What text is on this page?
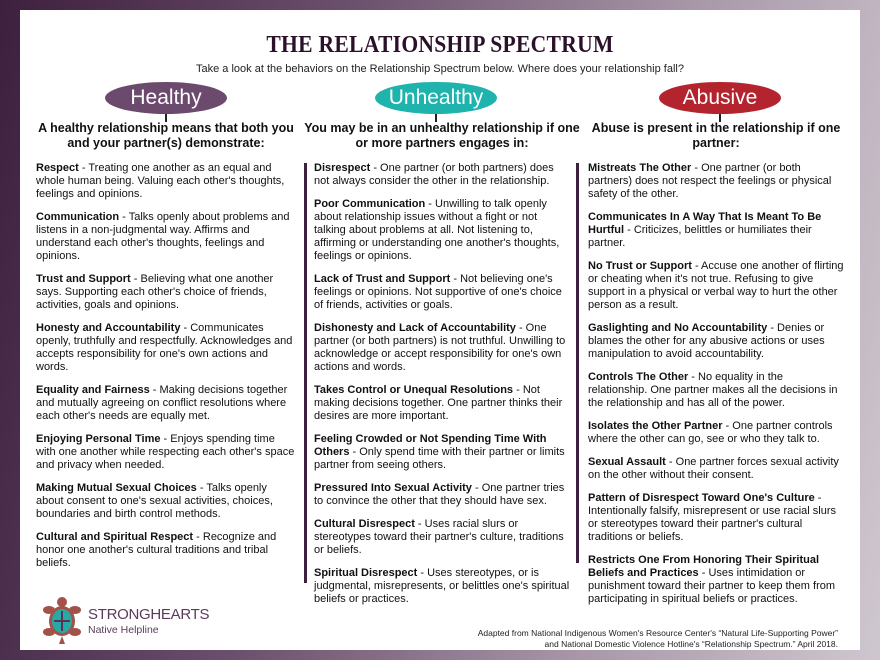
THE RELATIONSHIP SPECTRUM
Take a look at the behaviors on the Relationship Spectrum below. Where does your relationship fall?
Healthy
A healthy relationship means that both you and your partner(s) demonstrate:
Respect - Treating one another as an equal and whole human being. Valuing each other's thoughts, feelings and opinions.
Communication - Talks openly about problems and listens in a non-judgmental way. Affirms and understand each other's thoughts, feelings and opinions.
Trust and Support - Believing what one another says. Supporting each other's choice of friends, activities, goals and opinions.
Honesty and Accountability - Communicates openly, truthfully and respectfully. Acknowledges and accepts responsibility for one's own actions and words.
Equality and Fairness - Making decisions together and mutually agreeing on conflict resolutions where each other's needs are equally met.
Enjoying Personal Time - Enjoys spending time with one another while respecting each other's space and privacy when needed.
Making Mutual Sexual Choices - Talks openly about consent to one's sexual activities, choices, boundaries and birth control methods.
Cultural and Spiritual Respect - Recognize and honor one another's cultural traditions and tribal beliefs.
Unhealthy
You may be in an unhealthy relationship if one or more partners engages in:
Disrespect - One partner (or both partners) does not always consider the other in the relationship.
Poor Communication - Unwilling to talk openly about relationship issues without a fight or not talking about problems at all. Not listening to, affirming or understanding one another's thoughts, feelings or opinions.
Lack of Trust and Support - Not believing one's feelings or opinions. Not supportive of one's choice of friends, activities or goals.
Dishonesty and Lack of Accountability - One partner (or both partners) is not truthful. Unwilling to acknowledge or accept responsibility for one's own actions and words.
Takes Control or Unequal Resolutions - Not making decisions together. One partner thinks their desires are more important.
Feeling Crowded or Not Spending Time With Others - Only spend time with their partner or limits partner from seeing others.
Pressured Into Sexual Activity - One partner tries to convince the other that they should have sex.
Cultural Disrespect - Uses racial slurs or stereotypes toward their partner's culture, traditions or beliefs.
Spiritual Disrespect - Uses stereotypes, or is judgmental, misrepresents, or belittles one's spiritual beliefs or practices.
Abusive
Abuse is present in the relationship if one partner:
Mistreats The Other - One partner (or both partners) does not respect the feelings or physical safety of the other.
Communicates In A Way That Is Meant To Be Hurtful - Criticizes, belittles or humiliates their partner.
No Trust or Support - Accuse one another of flirting or cheating when it's not true. Refusing to give support in a physical or verbal way to hurt the other person as a result.
Gaslighting and No Accountability - Denies or blames the other for any abusive actions or uses manipulation to avoid accountability.
Controls The Other - No equality in the relationship. One partner makes all the decisions in the relationship and has all of the power.
Isolates the Other Partner - One partner controls where the other can go, see or who they talk to.
Sexual Assault - One partner forces sexual activity on the other without their consent.
Pattern of Disrespect Toward One's Culture - Intentionally falsify, misrepresent or use racial slurs or stereotypes toward their partner's cultural traditions or beliefs.
Restricts One From Honoring Their Spiritual Beliefs and Practices - Uses intimidation or punishment toward their partner to keep them from participating in spiritual beliefs or practices.
STRONGHEARTS
Native Helpline	Adapted from National Indigenous Women's Resource Center's “Natural Life-Supporting Power”
and National Domestic Violence Hotline's “Relationship Spectrum.” April 2018.
